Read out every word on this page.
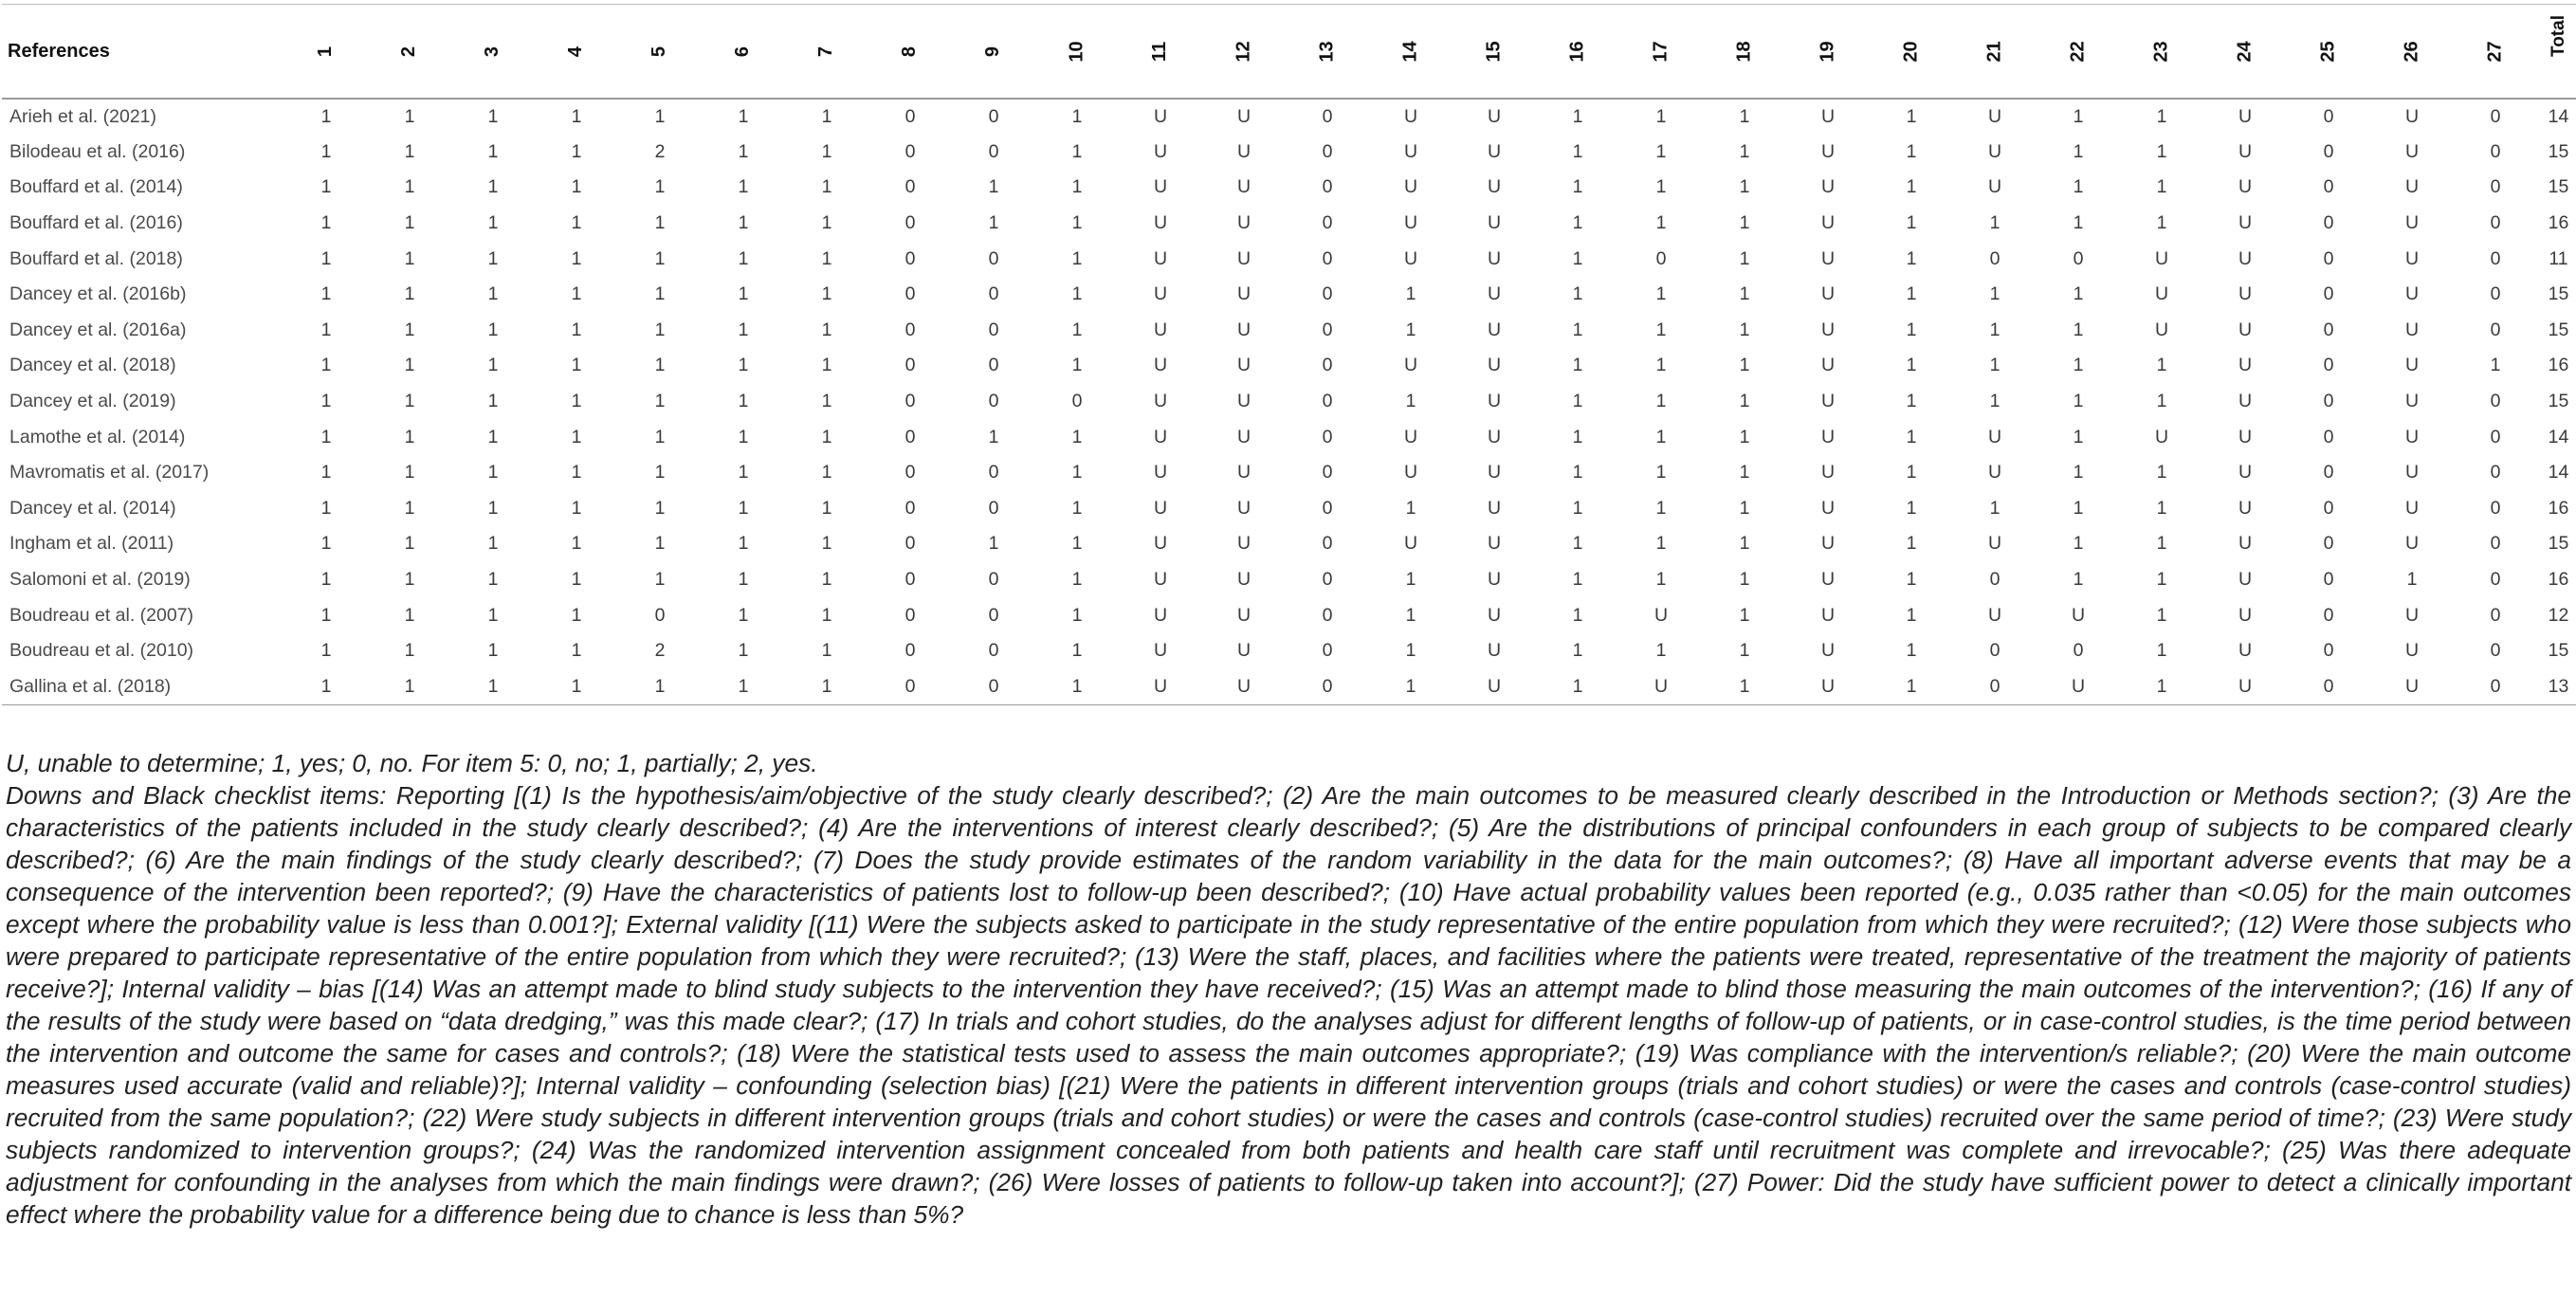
References	1	2	3	4	5	6	7	8	9	10	11	12	13	14	15	16	17	18	19	20	21	22	23	24	25	26	27	Total

Arieh et al. (2021)	1	1	1	1	1	1	1	0	0	1	U	U	0	U	U	1	1	1	U	1	U	1	1	U	0	U	0	14
Bilodeau et al. (2016)	1	1	1	1	2	1	1	0	0	1	U	U	0	U	U	1	1	1	U	1	U	1	1	U	0	U	0	15
Bouffard et al. (2014)	1	1	1	1	1	1	1	0	1	1	U	U	0	U	U	1	1	1	U	1	U	1	1	U	0	U	0	15
Bouffard et al. (2016)	1	1	1	1	1	1	1	0	1	1	U	U	0	U	U	1	1	1	U	1	1	1	1	U	0	U	0	16
Bouffard et al. (2018)	1	1	1	1	1	1	1	0	0	1	U	U	0	U	U	1	0	1	U	1	0	0	U	U	0	U	0	11
Dancey et al. (2016b)	1	1	1	1	1	1	1	0	0	1	U	U	0	1	U	1	1	1	U	1	1	1	U	U	0	U	0	15
Dancey et al. (2016a)	1	1	1	1	1	1	1	0	0	1	U	U	0	1	U	1	1	1	U	1	1	1	U	U	0	U	0	15
Dancey et al. (2018)	1	1	1	1	1	1	1	0	0	1	U	U	0	U	U	1	1	1	U	1	1	1	1	U	0	U	1	16
Dancey et al. (2019)	1	1	1	1	1	1	1	0	0	0	U	U	0	1	U	1	1	1	U	1	1	1	1	U	0	U	0	15
Lamothe et al. (2014)	1	1	1	1	1	1	1	0	1	1	U	U	0	U	U	1	1	1	U	1	U	1	U	U	0	U	0	14
Mavromatis et al. (2017)	1	1	1	1	1	1	1	0	0	1	U	U	0	U	U	1	1	1	U	1	U	1	1	U	0	U	0	14
Dancey et al. (2014)	1	1	1	1	1	1	1	0	0	1	U	U	0	1	U	1	1	1	U	1	1	1	1	U	0	U	0	16
Ingham et al. (2011)	1	1	1	1	1	1	1	0	1	1	U	U	0	U	U	1	1	1	U	1	U	1	1	U	0	U	0	15
Salomoni et al. (2019)	1	1	1	1	1	1	1	0	0	1	U	U	0	1	U	1	1	1	U	1	0	1	1	U	0	1	0	16
Boudreau et al. (2007)	1	1	1	1	0	1	1	0	0	1	U	U	0	1	U	1	U	1	U	1	U	U	1	U	0	U	0	12
Boudreau et al. (2010)	1	1	1	1	2	1	1	0	0	1	U	U	0	1	U	1	1	1	U	1	0	0	1	U	0	U	0	15
Gallina et al. (2018)	1	1	1	1	1	1	1	0	0	1	U	U	0	1	U	1	U	1	U	1	0	U	1	U	0	U	0	13

U, unable to determine; 1, yes; 0, no. For item 5: 0, no; 1, partially; 2, yes.

Downs and Black checklist items: Reporting [(1) Is the hypothesis/aim/objective of the study clearly described?; (2) Are the main outcomes to be measured clearly described in the Introduction or Methods section?; (3) Are the characteristics of the patients included in the study clearly described?; (4) Are the interventions of interest clearly described?; (5) Are the distributions of principal confounders in each group of subjects to be compared clearly described?; (6) Are the main findings of the study clearly described?; (7) Does the study provide estimates of the random variability in the data for the main outcomes?; (8) Have all important adverse events that may be a consequence of the intervention been reported?; (9) Have the characteristics of patients lost to follow-up been described?; (10) Have actual probability values been reported (e.g., 0.035 rather than <0.05) for the main outcomes except where the probability value is less than 0.001?]; External validity [(11) Were the subjects asked to participate in the study representative of the entire population from which they were recruited?; (12) Were those subjects who were prepared to participate representative of the entire population from which they were recruited?; (13) Were the staff, places, and facilities where the patients were treated, representative of the treatment the majority of patients receive?]; Internal validity – bias [(14) Was an attempt made to blind study subjects to the intervention they have received?; (15) Was an attempt made to blind those measuring the main outcomes of the intervention?; (16) If any of the results of the study were based on “data dredging,” was this made clear?; (17) In trials and cohort studies, do the analyses adjust for different lengths of follow-up of patients, or in case-control studies, is the time period between the intervention and outcome the same for cases and controls?; (18) Were the statistical tests used to assess the main outcomes appropriate?; (19) Was compliance with the intervention/s reliable?; (20) Were the main outcome measures used accurate (valid and reliable)?]; Internal validity – confounding (selection bias) [(21) Were the patients in different intervention groups (trials and cohort studies) or were the cases and controls (case-control studies) recruited from the same population?; (22) Were study subjects in different intervention groups (trials and cohort studies) or were the cases and controls (case-control studies) recruited over the same period of time?; (23) Were study subjects randomized to intervention groups?; (24) Was the randomized intervention assignment concealed from both patients and health care staff until recruitment was complete and irrevocable?; (25) Was there adequate adjustment for confounding in the analyses from which the main findings were drawn?; (26) Were losses of patients to follow-up taken into account?]; (27) Power: Did the study have sufficient power to detect a clinically important effect where the probability value for a difference being due to chance is less than 5%?
